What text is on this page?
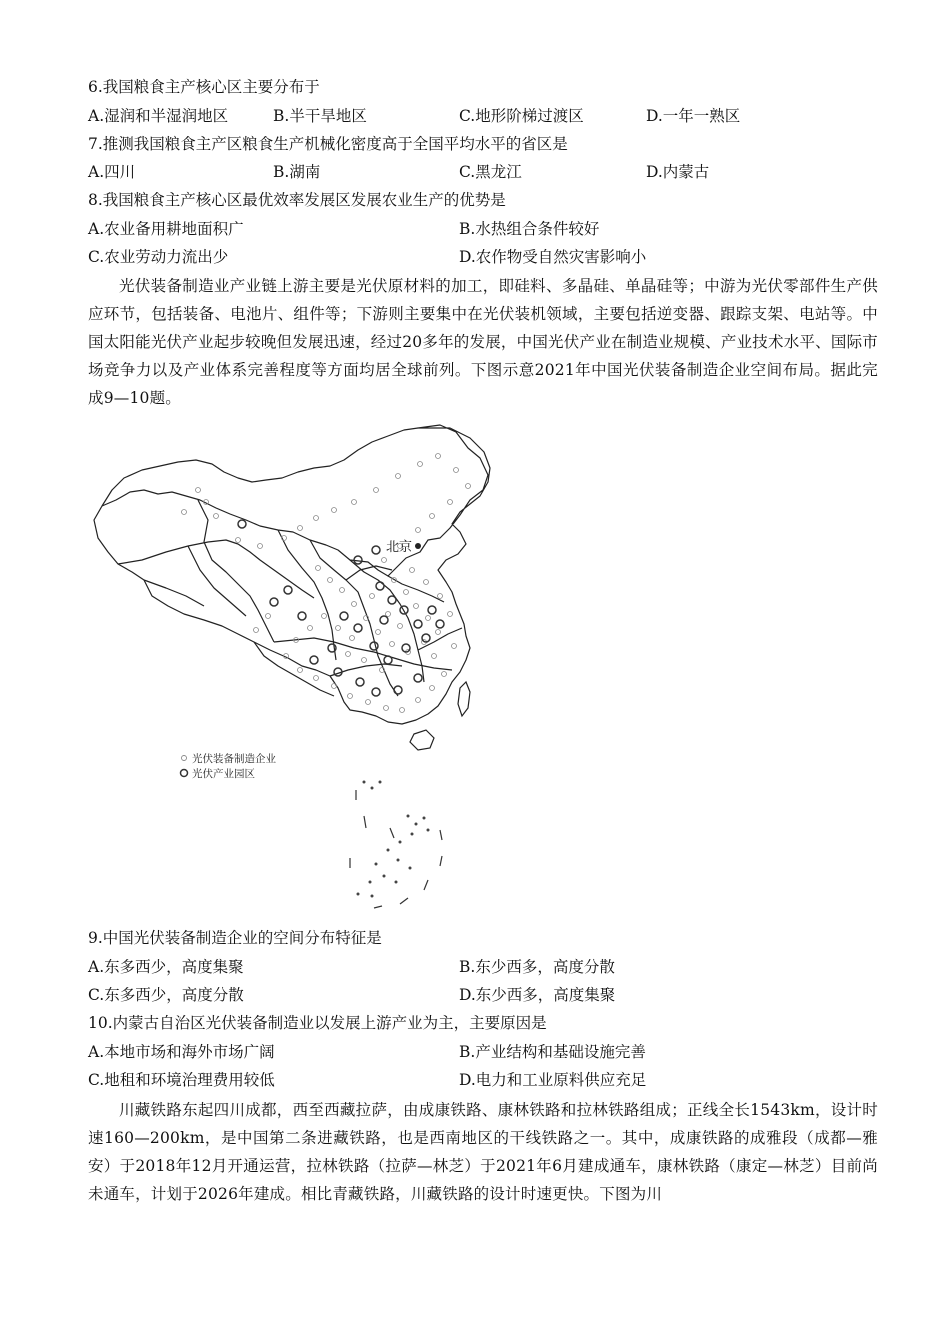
6.我国粮食主产核心区主要分布于
A.湿润和半湿润地区	B.半干旱地区	C.地形阶梯过渡区	D.一年一熟区
7.推测我国粮食主产区粮食生产机械化密度高于全国平均水平的省区是
A.四川	B.湖南	C.黑龙江	D.内蒙古
8.我国粮食主产核心区最优效率发展区发展农业生产的优势是
A.农业备用耕地面积广	B.水热组合条件较好
C.农业劳动力流出少	D.农作物受自然灾害影响小
光伏装备制造业产业链上游主要是光伏原材料的加工，即硅料、多晶硅、单晶硅等；中游为光伏零部件生产供应环节，包括装备、电池片、组件等；下游则主要集中在光伏装机领域，主要包括逆变器、跟踪支架、电站等。中国太阳能光伏产业起步较晚但发展迅速，经过20多年的发展，中国光伏产业在制造业规模、产业技术水平、国际市场竞争力以及产业体系完善程度等方面均居全球前列。下图示意2021年中国光伏装备制造企业空间布局。据此完成9—10题。
北京
光伏装备制造企业
光伏产业园区
9.中国光伏装备制造企业的空间分布特征是
A.东多西少，高度集聚	B.东少西多，高度分散
C.东多西少，高度分散	D.东少西多，高度集聚
10.内蒙古自治区光伏装备制造业以发展上游产业为主，主要原因是
A.本地市场和海外市场广阔	B.产业结构和基础设施完善
C.地租和环境治理费用较低	D.电力和工业原料供应充足
川藏铁路东起四川成都，西至西藏拉萨，由成康铁路、康林铁路和拉林铁路组成；正线全长1543km，设计时速160—200km，是中国第二条进藏铁路，也是西南地区的干线铁路之一。其中，成康铁路的成雅段（成都—雅安）于2018年12月开通运营，拉林铁路（拉萨—林芝）于2021年6月建成通车，康林铁路（康定—林芝）目前尚未通车，计划于2026年建成。相比青藏铁路，川藏铁路的设计时速更快。下图为川
